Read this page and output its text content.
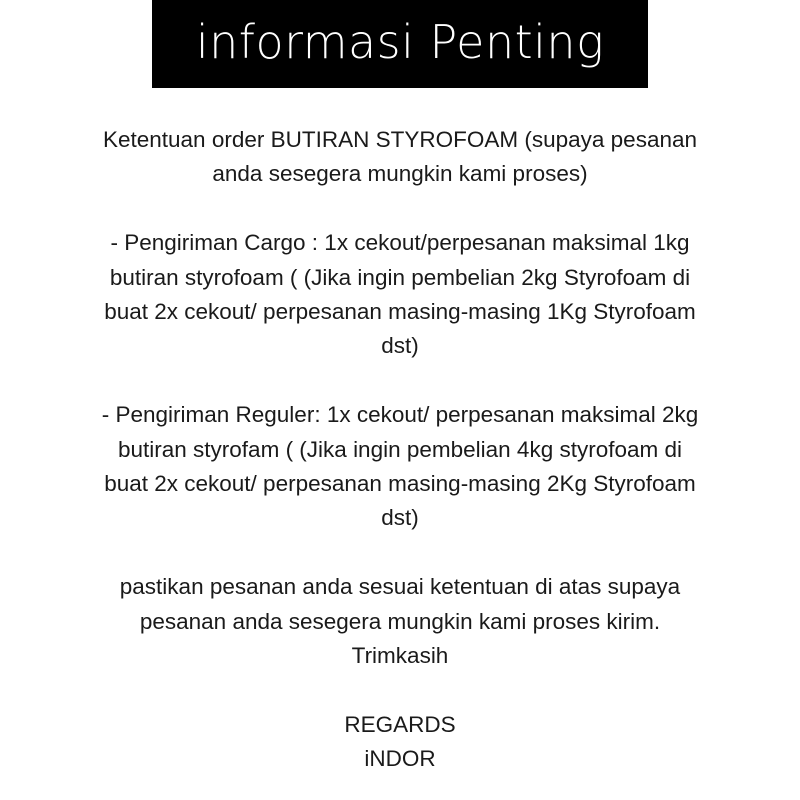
informasi Penting
Ketentuan order BUTIRAN STYROFOAM (supaya pesanan
anda sesegera mungkin kami proses)
- Pengiriman Cargo : 1x cekout/perpesanan maksimal 1kg
butiran styrofoam ( (Jika ingin pembelian 2kg Styrofoam di
buat 2x cekout/ perpesanan masing-masing 1Kg Styrofoam
dst)
- Pengiriman Reguler: 1x cekout/ perpesanan maksimal 2kg
butiran styrofam ( (Jika ingin pembelian 4kg styrofoam di
buat 2x cekout/ perpesanan masing-masing 2Kg Styrofoam
dst)
pastikan pesanan anda sesuai ketentuan di atas supaya
pesanan anda sesegera mungkin kami proses kirim.
Trimkasih
REGARDS
iNDOR
